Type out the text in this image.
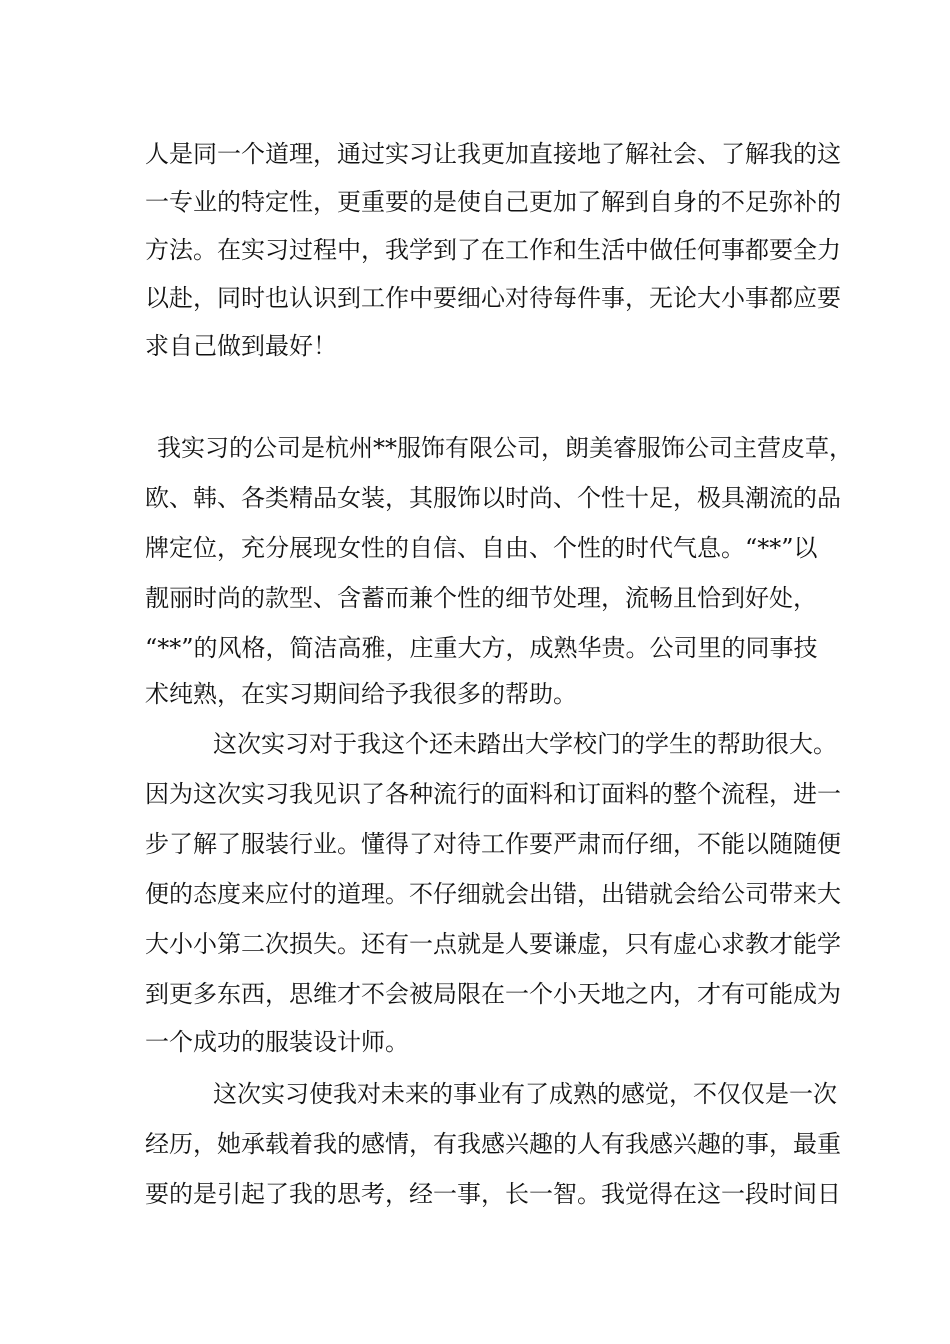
人是同一个道理，通过实习让我更加直接地了解社会、了解我的这
一专业的特定性，更重要的是使自己更加了解到自身的不足弥补的
方法。在实习过程中，我学到了在工作和生活中做任何事都要全力
以赴，同时也认识到工作中要细心对待每件事，无论大小事都应要
求自己做到最好！
我实习的公司是杭州**服饰有限公司，朗美睿服饰公司主营皮草，
欧、韩、各类精品女装，其服饰以时尚、个性十足，极具潮流的品
牌定位，充分展现女性的自信、自由、个性的时代气息。“**”以
靓丽时尚的款型、含蓄而兼个性的细节处理，流畅且恰到好处，
“**”的风格，简洁高雅，庄重大方，成熟华贵。公司里的同事技
术纯熟，在实习期间给予我很多的帮助。
这次实习对于我这个还未踏出大学校门的学生的帮助很大。
因为这次实习我见识了各种流行的面料和订面料的整个流程，进一
步了解了服装行业。懂得了对待工作要严肃而仔细，不能以随随便
便的态度来应付的道理。不仔细就会出错，出错就会给公司带来大
大小小第二次损失。还有一点就是人要谦虚，只有虚心求教才能学
到更多东西，思维才不会被局限在一个小天地之内，才有可能成为
一个成功的服装设计师。
这次实习使我对未来的事业有了成熟的感觉，不仅仅是一次
经历，她承载着我的感情，有我感兴趣的人有我感兴趣的事，最重
要的是引起了我的思考，经一事，长一智。我觉得在这一段时间日
